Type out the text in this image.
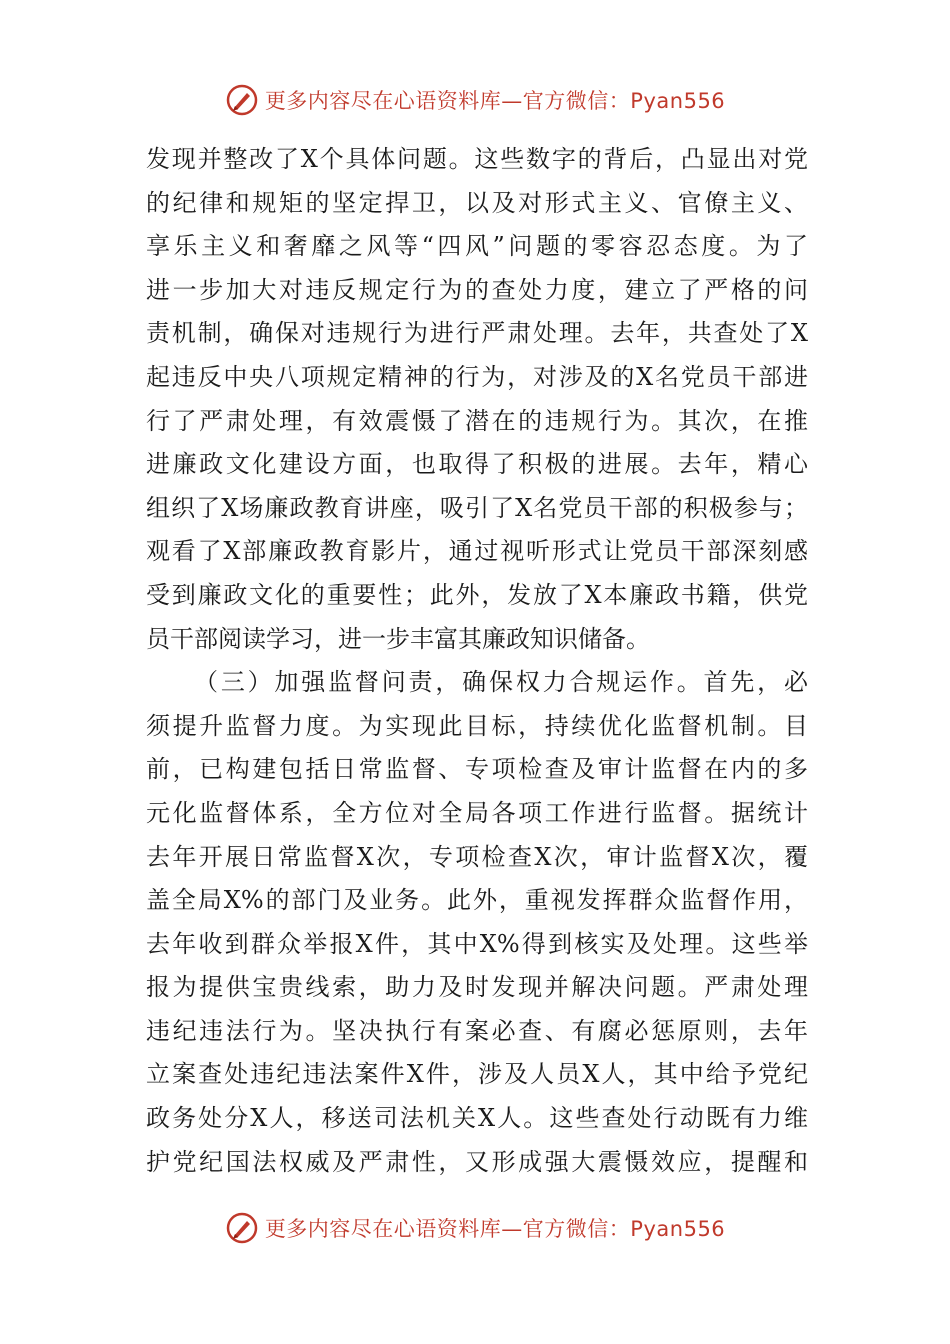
更多内容尽在心语资料库—官方微信：Pyan556
发现并整改了X个具体问题。这些数字的背后，凸显出对党
的纪律和规矩的坚定捍卫，以及对形式主义、官僚主义、
享乐主义和奢靡之风等“四风”问题的零容忍态度。为了
进一步加大对违反规定行为的查处力度，建立了严格的问
责机制，确保对违规行为进行严肃处理。去年，共查处了X
起违反中央八项规定精神的行为，对涉及的X名党员干部进
行了严肃处理，有效震慑了潜在的违规行为。其次，在推
进廉政文化建设方面，也取得了积极的进展。去年，精心
组织了X场廉政教育讲座，吸引了X名党员干部的积极参与；
观看了X部廉政教育影片，通过视听形式让党员干部深刻感
受到廉政文化的重要性；此外，发放了X本廉政书籍，供党
员干部阅读学习，进一步丰富其廉政知识储备。
（三）加强监督问责，确保权力合规运作。首先，必
须提升监督力度。为实现此目标，持续优化监督机制。目
前，已构建包括日常监督、专项检查及审计监督在内的多
元化监督体系，全方位对全局各项工作进行监督。据统计
去年开展日常监督X次，专项检查X次，审计监督X次，覆
盖全局X%的部门及业务。此外，重视发挥群众监督作用，
去年收到群众举报X件，其中X%得到核实及处理。这些举
报为提供宝贵线索，助力及时发现并解决问题。严肃处理
违纪违法行为。坚决执行有案必查、有腐必惩原则，去年
立案查处违纪违法案件X件，涉及人员X人，其中给予党纪
政务处分X人，移送司法机关X人。这些查处行动既有力维
护党纪国法权威及严肃性，又形成强大震慑效应，提醒和
更多内容尽在心语资料库—官方微信：Pyan556
